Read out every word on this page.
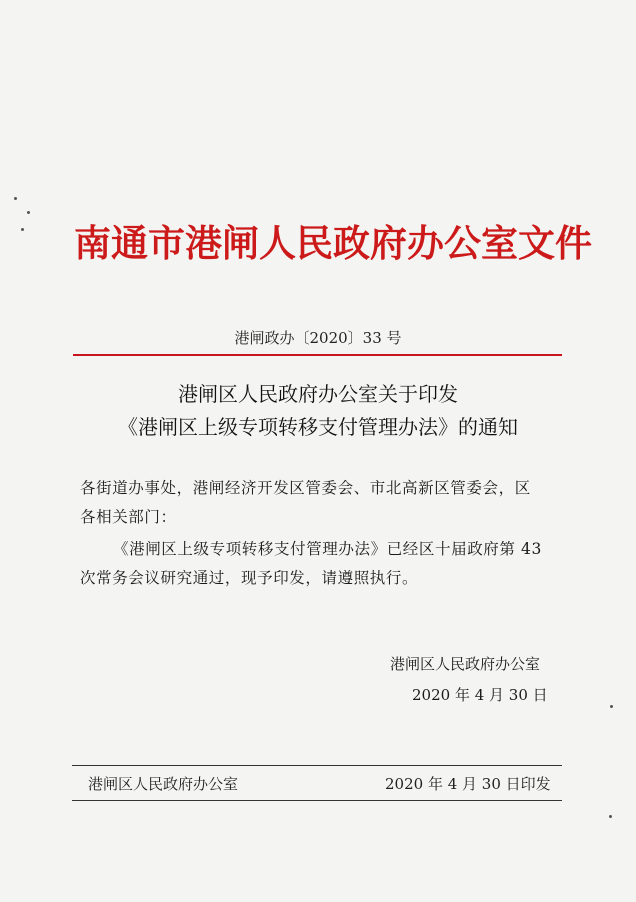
南通市港闸人民政府办公室文件
港闸政办〔2020〕33 号
港闸区人民政府办公室关于印发
《港闸区上级专项转移支付管理办法》的通知
各街道办事处，港闸经济开发区管委会、市北高新区管委会，区
各相关部门：
《港闸区上级专项转移支付管理办法》已经区十届政府第 43
次常务会议研究通过，现予印发，请遵照执行。
港闸区人民政府办公室
2020 年 4 月 30 日
港闸区人民政府办公室	2020 年 4 月 30 日印发
